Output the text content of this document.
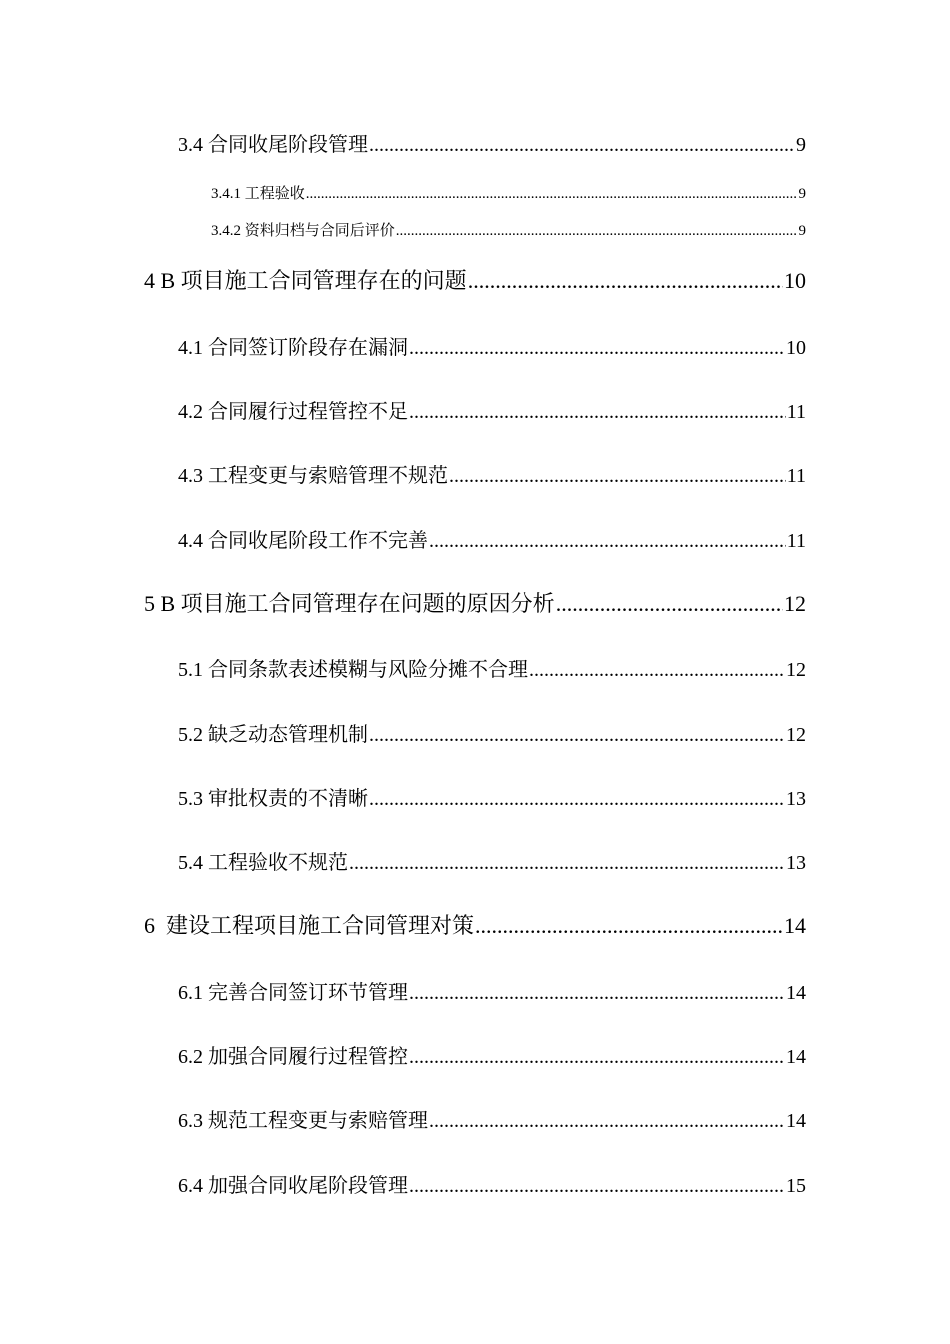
3.4 合同收尾阶段管理 .....	9
3.4.1 工程验收 .....	9
3.4.2 资料归档与合同后评价 .....	9
4 B 项目施工合同管理存在的问题 .....	10
4.1 合同签订阶段存在漏洞 .....	10
4.2 合同履行过程管控不足 .....	11
4.3 工程变更与索赔管理不规范 .....	11
4.4 合同收尾阶段工作不完善 .....	11
5 B 项目施工合同管理存在问题的原因分析 .....	12
5.1 合同条款表述模糊与风险分摊不合理 .....	12
5.2 缺乏动态管理机制 .....	12
5.3 审批权责的不清晰 .....	13
5.4 工程验收不规范 .....	13
6  建设工程项目施工合同管理对策 .....	14
6.1 完善合同签订环节管理 .....	14
6.2 加强合同履行过程管控 .....	14
6.3 规范工程变更与索赔管理 .....	14
6.4 加强合同收尾阶段管理 .....	15
